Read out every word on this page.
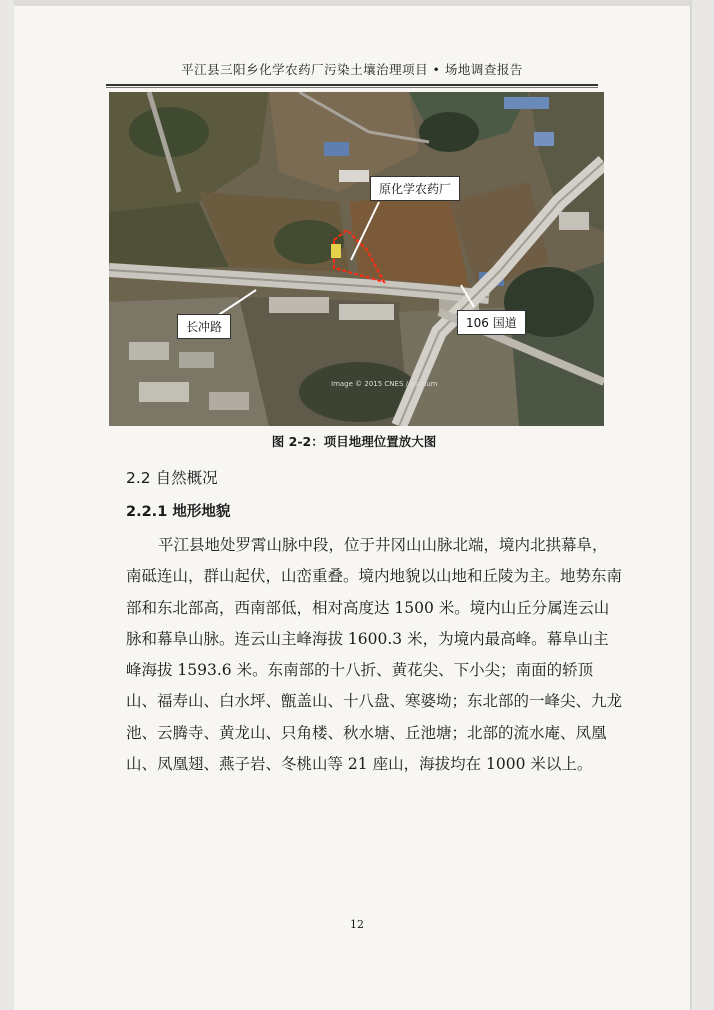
平江县三阳乡化学农药厂污染土壤治理项目 • 场地调查报告
Image © 2015 CNES / Astrium
原化学农药厂
长冲路	106 国道
图 2-2：项目地理位置放大图
2.2 自然概况
2.2.1 地形地貌

平江县地处罗霄山脉中段，位于井冈山山脉北端，境内北拱幕阜，南砥连山，群山起伏，山峦重叠。境内地貌以山地和丘陵为主。地势东南部和东北部高，西南部低，相对高度达 1500 米。境内山丘分属连云山脉和幕阜山脉。连云山主峰海拔 1600.3 米，为境内最高峰。幕阜山主峰海拔 1593.6 米。东南部的十八折、黄花尖、下小尖；南面的轿顶山、福寿山、白水坪、甑盖山、十八盘、寒婆坳；东北部的一峰尖、九龙池、云腾寺、黄龙山、只角楼、秋水塘、丘池塘；北部的流水庵、凤凰山、凤凰翅、燕子岩、冬桃山等 21 座山，海拔均在 1000 米以上。

12
